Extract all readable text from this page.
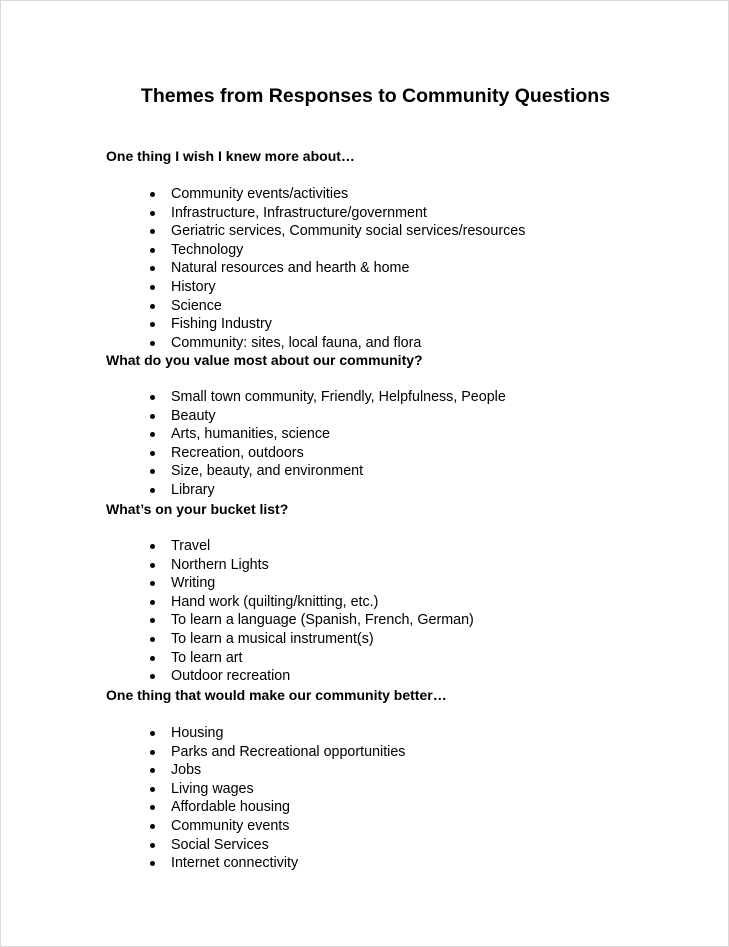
Themes from Responses to Community Questions

One thing I wish I knew more about…

Community events/activities
Infrastructure, Infrastructure/government
Geriatric services, Community social services/resources
Technology
Natural resources and hearth & home
History
Science
Fishing Industry
Community: sites, local fauna, and flora

What do you value most about our community?

Small town community, Friendly, Helpfulness, People
Beauty
Arts, humanities, science
Recreation, outdoors
Size, beauty, and environment
Library

What’s on your bucket list?

Travel
Northern Lights
Writing
Hand work (quilting/knitting, etc.)
To learn a language (Spanish, French, German)
To learn a musical instrument(s)
To learn art
Outdoor recreation

One thing that would make our community better…

Housing
Parks and Recreational opportunities
Jobs
Living wages
Affordable housing
Community events
Social Services
Internet connectivity
